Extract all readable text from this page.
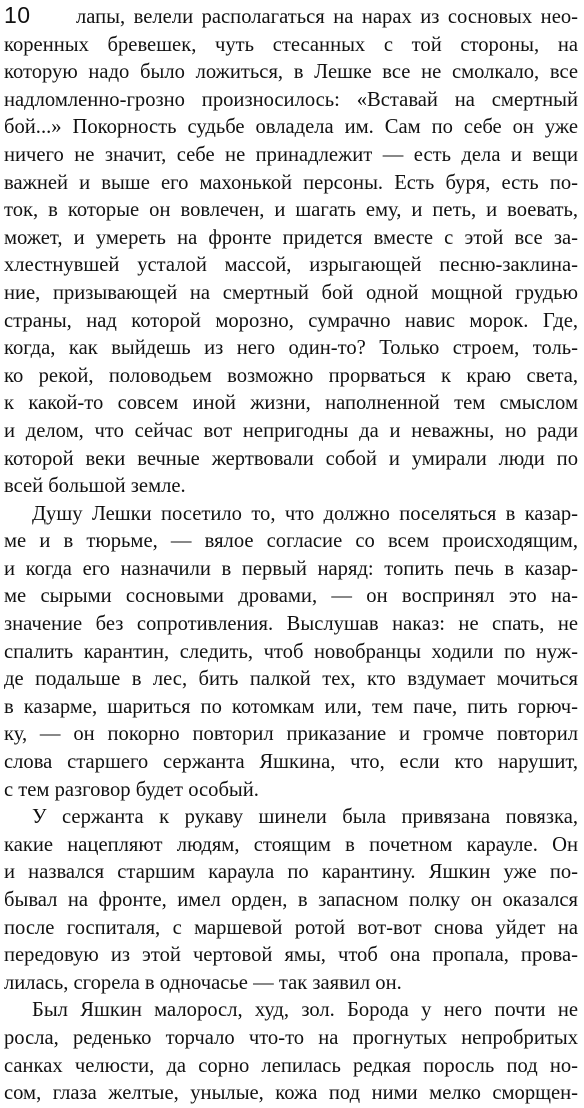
10	лапы, велели располагаться на нарах из сосновых нео-
коренных бревешек, чуть стесанных с той стороны, на
которую надо было ложиться, в Лешке все не смолкало, все
надломленно-грозно произносилось: «Вставай на смертный
бой...» Покорность судьбе овладела им. Сам по себе он уже
ничего не значит, себе не принадлежит — есть дела и вещи
важней и выше его махонькой персоны. Есть буря, есть по-
ток, в которые он вовлечен, и шагать ему, и петь, и воевать,
может, и умереть на фронте придется вместе с этой все за-
хлестнувшей усталой массой, изрыгающей песню-заклина-
ние, призывающей на смертный бой одной мощной грудью
страны, над которой морозно, сумрачно навис морок. Где,
когда, как выйдешь из него один-то? Только строем, толь-
ко рекой, половодьем возможно прорваться к краю света,
к какой-то совсем иной жизни, наполненной тем смыслом
и делом, что сейчас вот непригодны да и неважны, но ради
которой веки вечные жертвовали собой и умирали люди по
всей большой земле.
Душу Лешки посетило то, что должно поселяться в казар-
ме и в тюрьме, — вялое согласие со всем происходящим,
и когда его назначили в первый наряд: топить печь в казар-
ме сырыми сосновыми дровами, — он воспринял это на-
значение без сопротивления. Выслушав наказ: не спать, не
спалить карантин, следить, чтоб новобранцы ходили по нуж-
де подальше в лес, бить палкой тех, кто вздумает мочиться
в казарме, шариться по котомкам или, тем паче, пить горюч-
ку, — он покорно повторил приказание и громче повторил
слова старшего сержанта Яшкина, что, если кто нарушит,
с тем разговор будет особый.
У сержанта к рукаву шинели была привязана повязка,
какие нацепляют людям, стоящим в почетном карауле. Он
и назвался старшим караула по карантину. Яшкин уже по-
бывал на фронте, имел орден, в запасном полку он оказался
после госпиталя, с маршевой ротой вот-вот снова уйдет на
передовую из этой чертовой ямы, чтоб она пропала, прова-
лилась, сгорела в одночасье — так заявил он.
Был Яшкин малоросл, худ, зол. Борода у него почти не
росла, реденько торчало что-то на прогнутых непробритых
санках челюсти, да сорно лепилась редкая поросль под но-
сом, глаза желтые, унылые, кожа под ними мелко сморщен-
